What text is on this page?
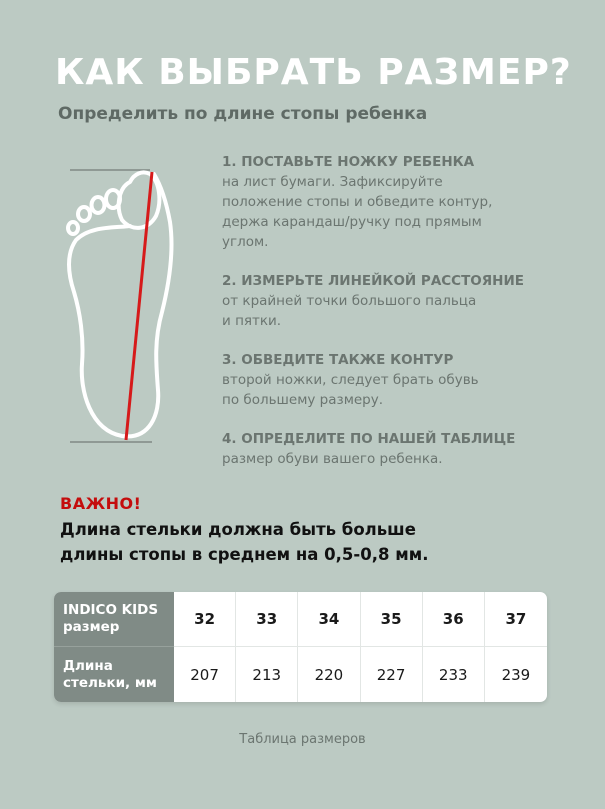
КАК ВЫБРАТЬ РАЗМЕР?
Определить по длине стопы ребенка
1. ПОСТАВЬТЕ НОЖКУ РЕБЕНКА
на лист бумаги. Зафиксируйте
положение стопы и обведите контур,
держа карандаш/ручку под прямым
углом.
2. ИЗМЕРЬТЕ ЛИНЕЙКОЙ РАССТОЯНИЕ
от крайней точки большого пальца
и пятки.
3. ОБВЕДИТЕ ТАКЖЕ КОНТУР
второй ножки, следует брать обувь
по большему размеру.
4. ОПРЕДЕЛИТЕ ПО НАШЕЙ ТАБЛИЦЕ
размер обуви вашего ребенка.
ВАЖНО!
Длина стельки должна быть больше
длины стопы в среднем на 0,5-0,8 мм.
INDICO KIDS
размер	32	33	34	35	36	37
Длина
стельки, мм	207	213	220	227	233	239
Таблица размеров
